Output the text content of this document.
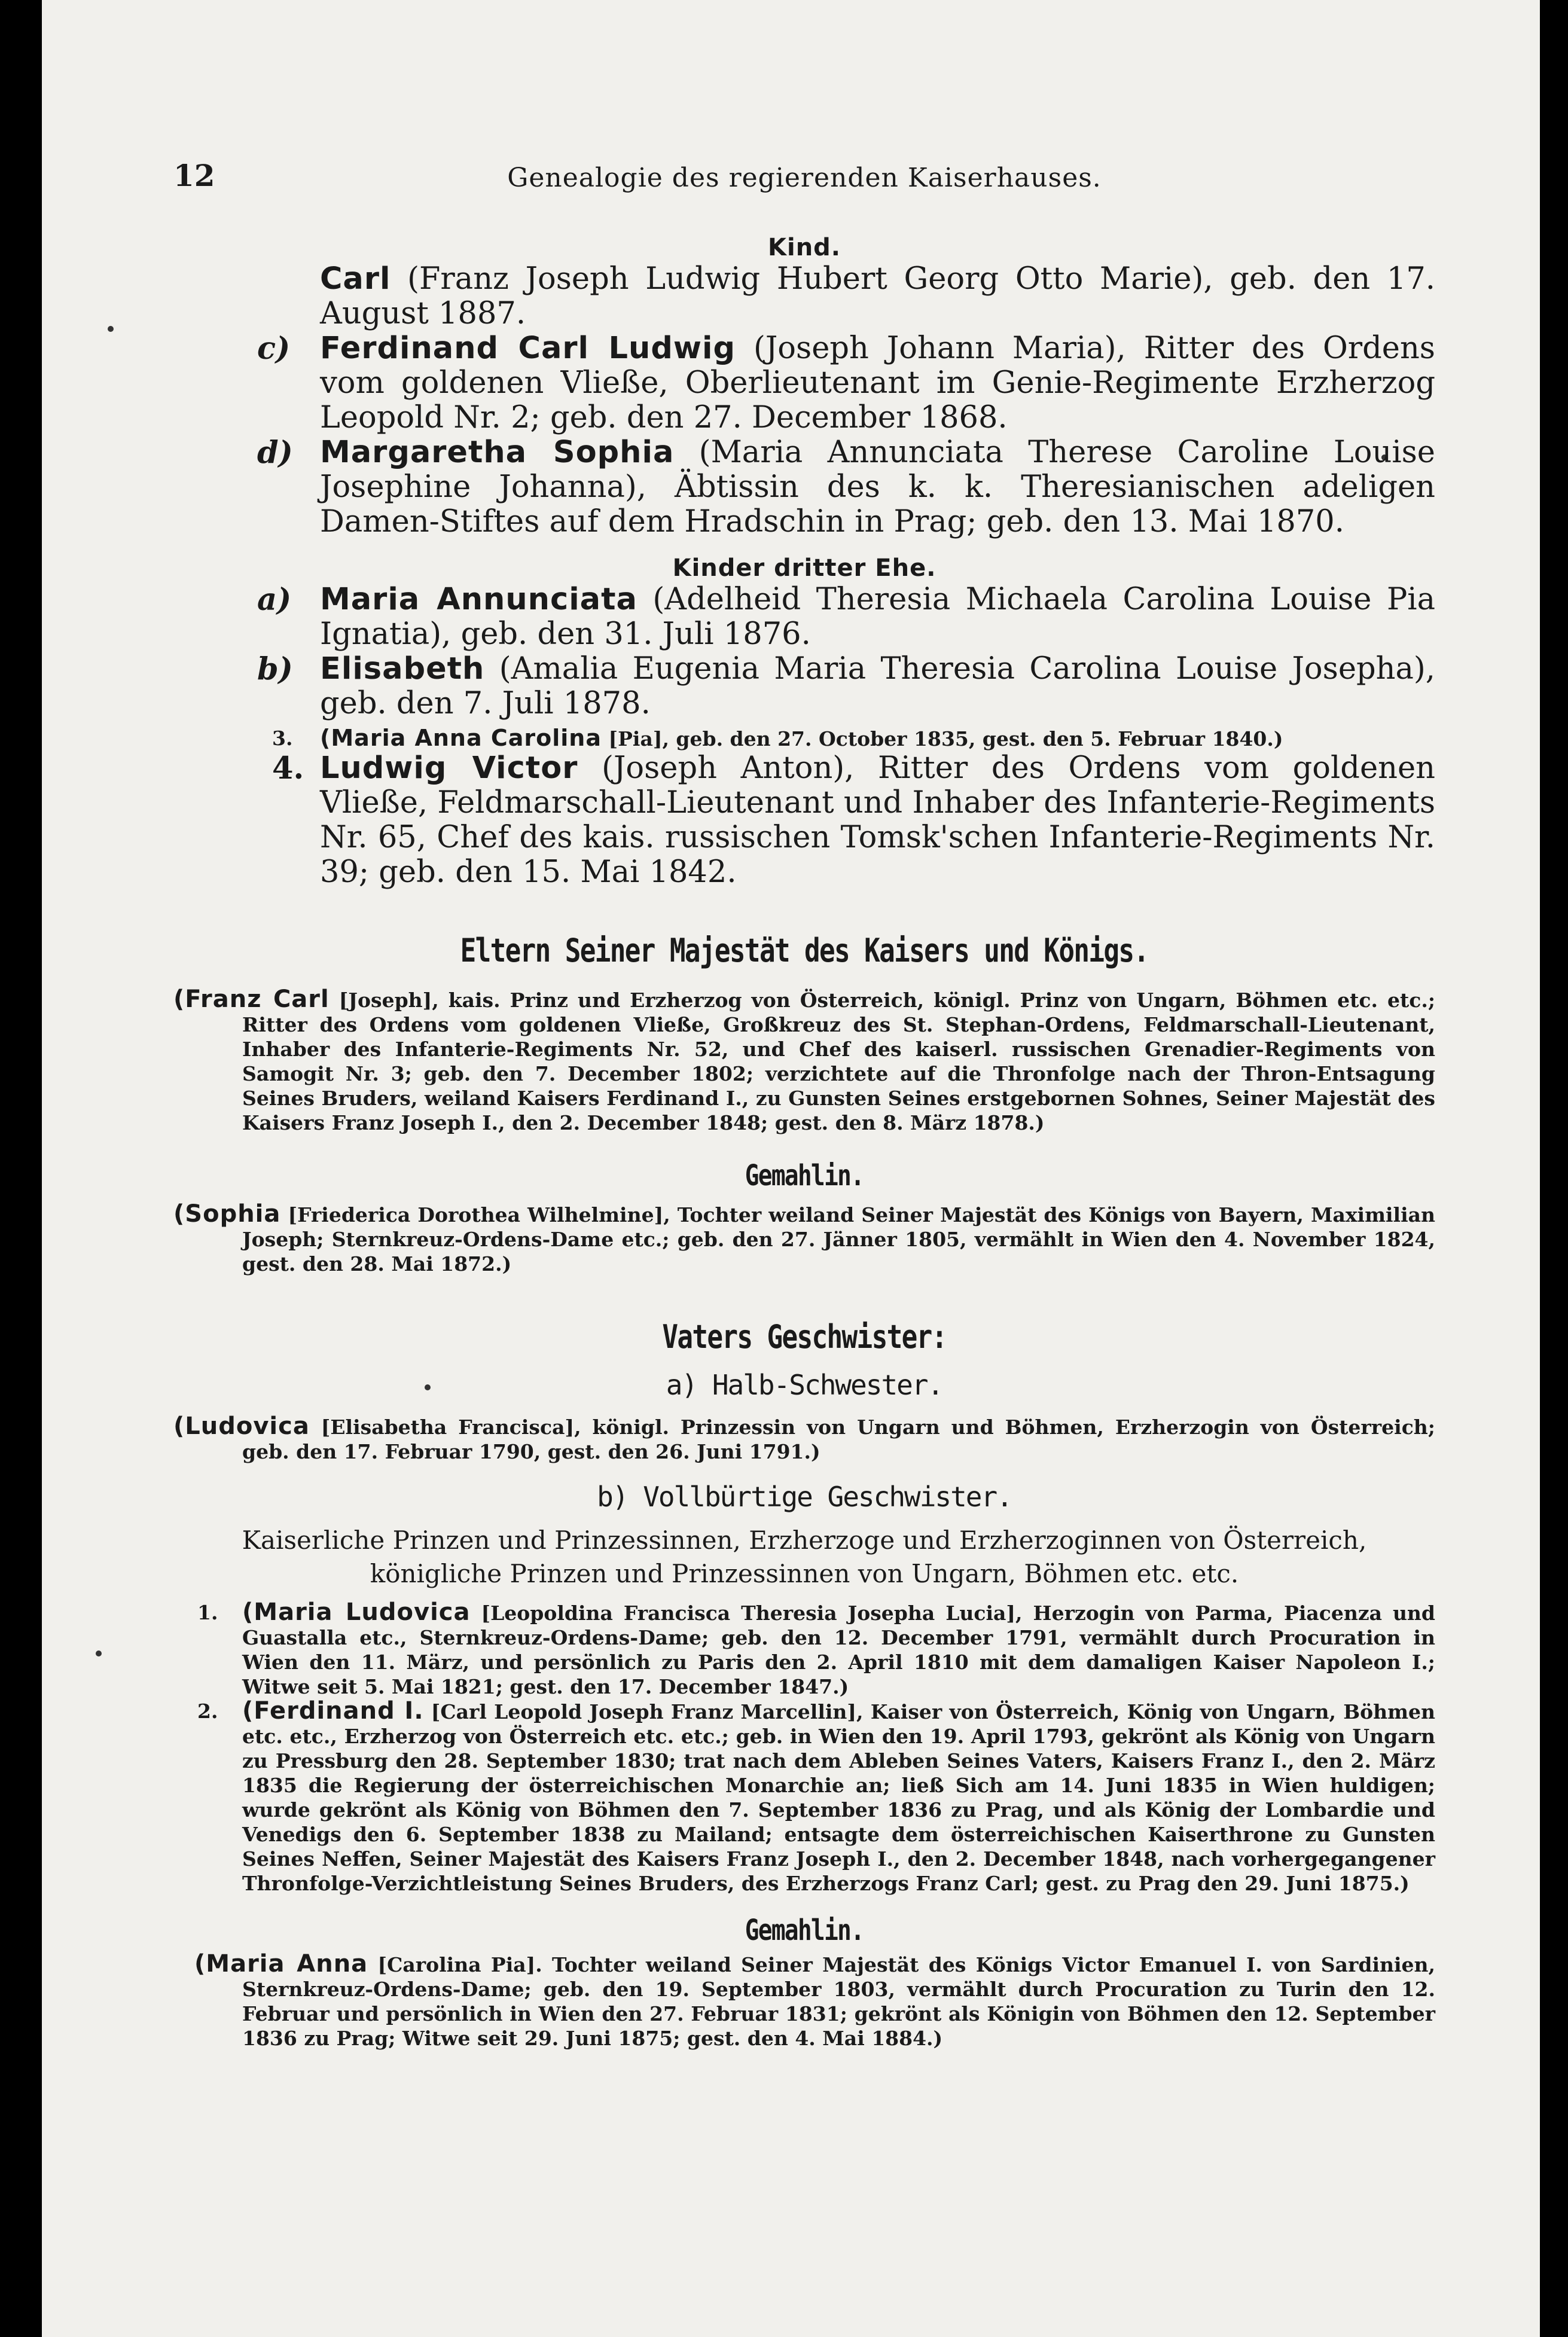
12	Genealogie des regierenden Kaiserhauses.
Kind.

Carl (Franz Joseph Ludwig Hubert Georg Otto Marie), geb. den 17. August 1887.

c) Ferdinand Carl Ludwig (Joseph Johann Maria), Ritter des Ordens vom goldenen Vließe, Oberlieutenant im Genie-Regimente Erzherzog Leopold Nr. 2; geb. den 27. December 1868.

d) Margaretha Sophia (Maria Annunciata Therese Caroline Louise Josephine Johanna), Äbtissin des k. k. Theresianischen adeligen Damen-Stiftes auf dem Hradschin in Prag; geb. den 13. Mai 1870.

Kinder dritter Ehe.

a) Maria Annunciata (Adelheid Theresia Michaela Carolina Louise Pia Ignatia), geb. den 31. Juli 1876.

b) Elisabeth (Amalia Eugenia Maria Theresia Carolina Louise Josepha), geb. den 7. Juli 1878.

3. (Maria Anna Carolina [Pia], geb. den 27. October 1835, gest. den 5. Februar 1840.)

4. Ludwig Victor (Joseph Anton), Ritter des Ordens vom goldenen Vließe, Feldmarschall-Lieutenant und Inhaber des Infanterie-Regiments Nr. 65, Chef des kais. russischen Tomsk'schen Infanterie-Regiments Nr. 39; geb. den 15. Mai 1842.

Eltern Seiner Majestät des Kaisers und Königs.

(Franz Carl [Joseph], kais. Prinz und Erzherzog von Österreich, königl. Prinz von Ungarn, Böhmen etc. etc.; Ritter des Ordens vom goldenen Vließe, Großkreuz des St. Stephan-Ordens, Feldmarschall-Lieutenant, Inhaber des Infanterie-Regiments Nr. 52, und Chef des kaiserl. russischen Grenadier-Regiments von Samogit Nr. 3; geb. den 7. December 1802; verzichtete auf die Thronfolge nach der Thron-Entsagung Seines Bruders, weiland Kaisers Ferdinand I., zu Gunsten Seines erstgebornen Sohnes, Seiner Majestät des Kaisers Franz Joseph I., den 2. December 1848; gest. den 8. März 1878.)

Gemahlin.

(Sophia [Friederica Dorothea Wilhelmine], Tochter weiland Seiner Majestät des Königs von Bayern, Maximilian Joseph; Sternkreuz-Ordens-Dame etc.; geb. den 27. Jänner 1805, vermählt in Wien den 4. November 1824, gest. den 28. Mai 1872.)

Vaters Geschwister:
a) Halb-Schwester.

(Ludovica [Elisabetha Francisca], königl. Prinzessin von Ungarn und Böhmen, Erzherzogin von Österreich; geb. den 17. Februar 1790, gest. den 26. Juni 1791.)

b) Vollbürtige Geschwister.
Kaiserliche Prinzen und Prinzessinnen, Erzherzoge und Erzherzoginnen von Österreich, königliche Prinzen und Prinzessinnen von Ungarn, Böhmen etc. etc.

1. (Maria Ludovica [Leopoldina Francisca Theresia Josepha Lucia], Herzogin von Parma, Piacenza und Guastalla etc., Sternkreuz-Ordens-Dame; geb. den 12. December 1791, vermählt durch Procuration in Wien den 11. März, und persönlich zu Paris den 2. April 1810 mit dem damaligen Kaiser Napoleon I.; Witwe seit 5. Mai 1821; gest. den 17. December 1847.)

2. (Ferdinand I. [Carl Leopold Joseph Franz Marcellin], Kaiser von Österreich, König von Ungarn, Böhmen etc. etc., Erzherzog von Österreich etc. etc.; geb. in Wien den 19. April 1793, gekrönt als König von Ungarn zu Pressburg den 28. September 1830; trat nach dem Ableben Seines Vaters, Kaisers Franz I., den 2. März 1835 die Regierung der österreichischen Monarchie an; ließ Sich am 14. Juni 1835 in Wien huldigen; wurde gekrönt als König von Böhmen den 7. September 1836 zu Prag, und als König der Lombardie und Venedigs den 6. September 1838 zu Mailand; entsagte dem österreichischen Kaiserthrone zu Gunsten Seines Neffen, Seiner Majestät des Kaisers Franz Joseph I., den 2. December 1848, nach vorhergegangener Thronfolge-Verzichtleistung Seines Bruders, des Erzherzogs Franz Carl; gest. zu Prag den 29. Juni 1875.)

Gemahlin.

(Maria Anna [Carolina Pia]. Tochter weiland Seiner Majestät des Königs Victor Emanuel I. von Sardinien, Sternkreuz-Ordens-Dame; geb. den 19. September 1803, vermählt durch Procuration zu Turin den 12. Februar und persönlich in Wien den 27. Februar 1831; gekrönt als Königin von Böhmen den 12. September 1836 zu Prag; Witwe seit 29. Juni 1875; gest. den 4. Mai 1884.)
